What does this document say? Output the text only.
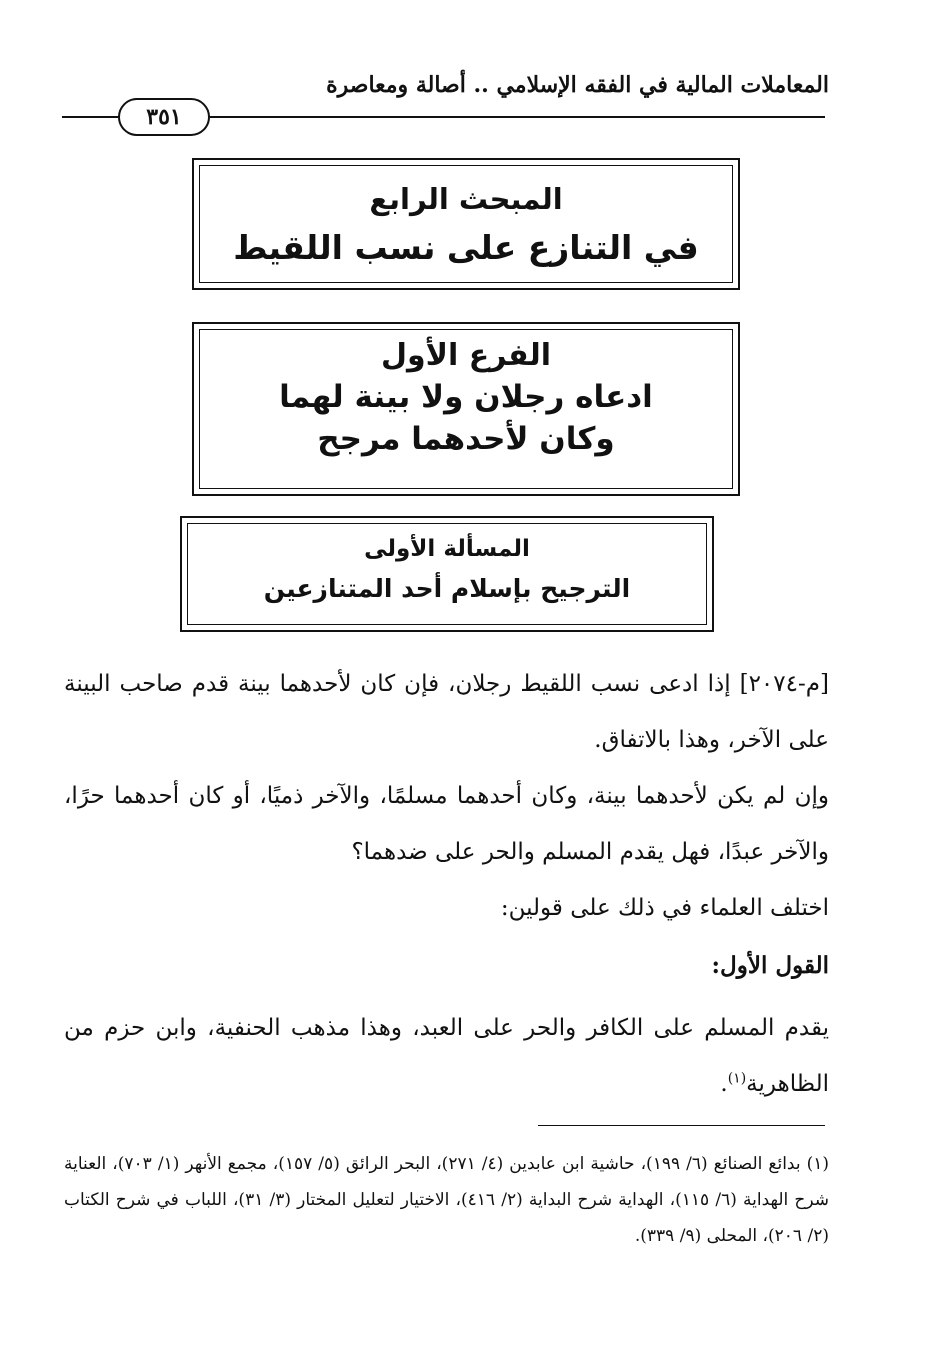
المعاملات المالية في الفقه الإسلامي .. أصالة ومعاصرة
٣٥١
المبحث الرابع
في التنازع على نسب اللقيط
الفرع الأول
ادعاه رجلان ولا بينة لهما
وكان لأحدهما مرجح
المسألة الأولى
الترجيح بإسلام أحد المتنازعين
[م-٢٠٧٤] إذا ادعى نسب اللقيط رجلان، فإن كان لأحدهما بينة قدم صاحب البينة على الآخر، وهذا بالاتفاق.
وإن لم يكن لأحدهما بينة، وكان أحدهما مسلمًا، والآخر ذميًا، أو كان أحدهما حرًا، والآخر عبدًا، فهل يقدم المسلم والحر على ضدهما؟
اختلف العلماء في ذلك على قولين:
القول الأول:
يقدم المسلم على الكافر والحر على العبد، وهذا مذهب الحنفية، وابن حزم من الظاهرية$^{(١)}$.
(١) بدائع الصنائع (٦/ ١٩٩)، حاشية ابن عابدين (٤/ ٢٧١)، البحر الرائق (٥/ ١٥٧)، مجمع الأنهر (١/ ٧٠٣)، العناية شرح الهداية (٦/ ١١٥)، الهداية شرح البداية (٢/ ٤١٦)، الاختيار لتعليل المختار (٣/ ٣١)، اللباب في شرح الكتاب (٢/ ٢٠٦)، المحلى (٩/ ٣٣٩).
